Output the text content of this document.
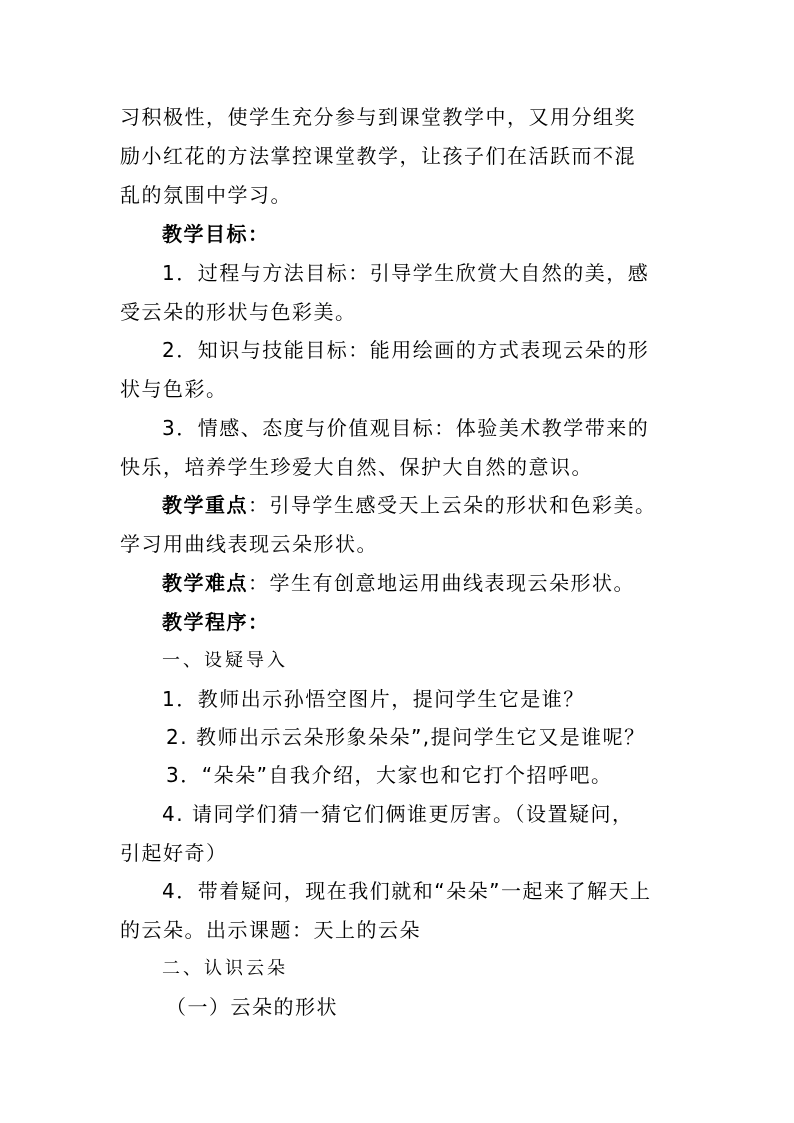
习积极性，使学生充分参与到课堂教学中，又用分组奖
励小红花的方法掌控课堂教学，让孩子们在活跃而不混
乱的氛围中学习。
教学目标：
1．过程与方法目标：引导学生欣赏大自然的美，感
受云朵的形状与色彩美。
2．知识与技能目标：能用绘画的方式表现云朵的形
状与色彩。
3．情感、态度与价值观目标：体验美术教学带来的
快乐，培养学生珍爱大自然、保护大自然的意识。
教学重点：引导学生感受天上云朵的形状和色彩美。
学习用曲线表现云朵形状。
教学难点：学生有创意地运用曲线表现云朵形状。
教学程序：
一、设疑导入
1．教师出示孙悟空图片，提问学生它是谁？
2. 教师出示云朵形象朵朵”,提问学生它又是谁呢？
3．“朵朵”自我介绍，大家也和它打个招呼吧。
4. 请同学们猜一猜它们俩谁更厉害。（设置疑问，
引起好奇）
4．带着疑问，现在我们就和“朵朵”一起来了解天上
的云朵。出示课题：天上的云朵
二、认识云朵
（一）云朵的形状
